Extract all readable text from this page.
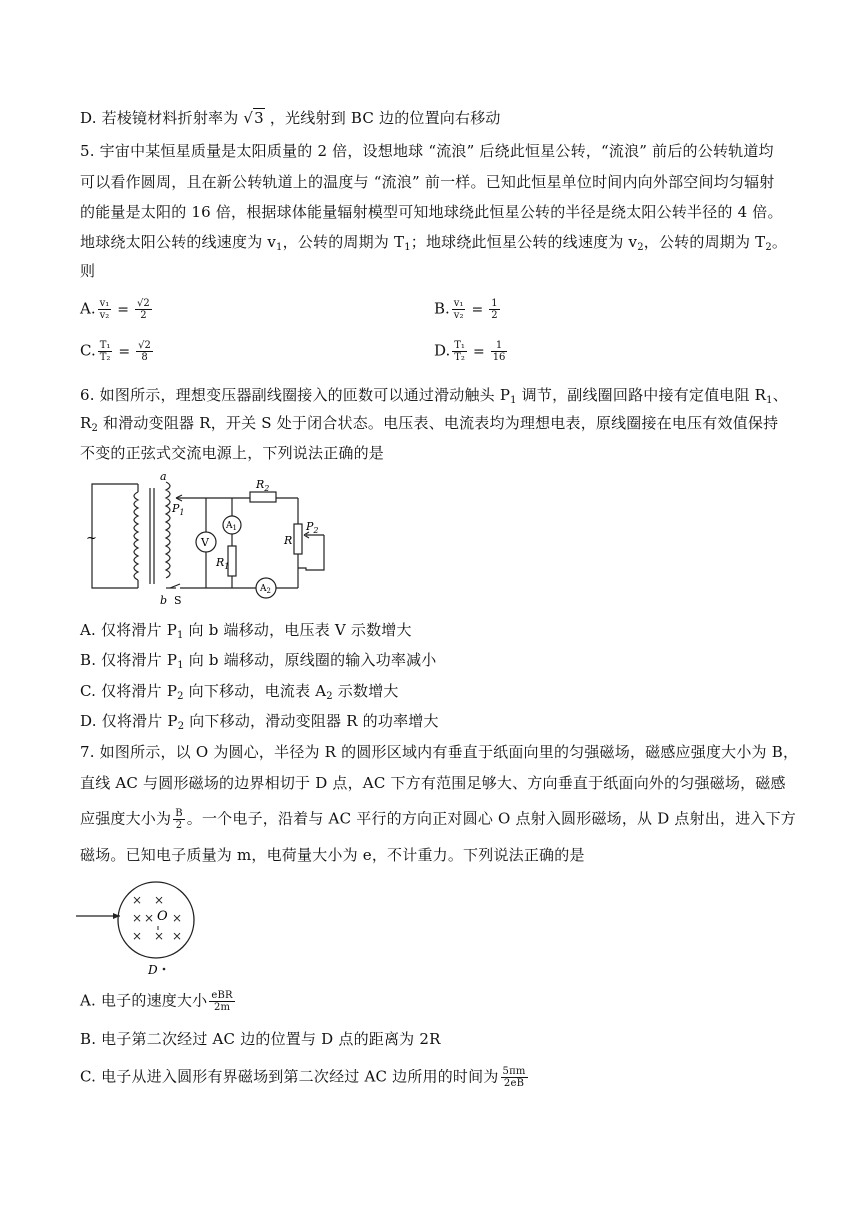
D. 若棱镜材料折射率为 √3 ，光线射到 BC 边的位置向右移动
5. 宇宙中某恒星质量是太阳质量的 2 倍，设想地球 “流浪” 后绕此恒星公转，“流浪” 前后的公转轨道均
可以看作圆周，且在新公转轨道上的温度与 “流浪” 前一样。已知此恒星单位时间内向外部空间均匀辐射
的能量是太阳的 16 倍，根据球体能量辐射模型可知地球绕此恒星公转的半径是绕太阳公转半径的 4 倍。
地球绕太阳公转的线速度为 $v_1$，公转的周期为 $T_1$；地球绕此恒星公转的线速度为 $v_2$，公转的周期为 $T_2$。
则
A. $\frac{\text{v₁}}{\text{v₂}} = \frac{√2}{2}$	B. $\frac{\text{v₁}}{\text{v₂}} = \frac{1}{2}$
C. $\frac{\text{T₁}}{\text{T₂}} = \frac{√2}{8}$	D. $\frac{\text{T₁}}{\text{T₂}} = \frac{1}{16}$
6. 如图所示，理想变压器副线圈接入的匝数可以通过滑动触头 $P_1$ 调节，副线圈回路中接有定值电阻 $R_1$、
$R_2$ 和滑动变阻器 R，开关 S 处于闭合状态。电压表、电流表均为理想电表，原线圈接在电压有效值保持
不变的正弦式交流电源上，下列说法正确的是
~
a
b
$P_1$
V
$A_1$
$A_2$
$R_1$
$R_2$
R
$P_2$
S
A. 仅将滑片 $P_1$ 向 b 端移动，电压表 V 示数增大
B. 仅将滑片 $P_1$ 向 b 端移动，原线圈的输入功率减小
C. 仅将滑片 $P_2$ 向下移动，电流表 $A_2$ 示数增大
D. 仅将滑片 $P_2$ 向下移动，滑动变阻器 R 的功率增大
7. 如图所示，以 O 为圆心，半径为 R 的圆形区域内有垂直于纸面向里的匀强磁场，磁感应强度大小为 B，
直线 AC 与圆形磁场的边界相切于 D 点，AC 下方有范围足够大、方向垂直于纸面向外的匀强磁场，磁感
应强度大小为 $\frac{B}{2}$ 。一个电子，沿着与 AC 平行的方向正对圆心 O 点射入圆形磁场，从 D 点射出，进入下方
磁场。已知电子质量为 m，电荷量大小为 e，不计重力。下列说法正确的是
× ×
× × ×
× × ×
O
D
A. 电子的速度大小 $\frac{\text{eBR}}{2m}$
B. 电子第二次经过 AC 边的位置与 D 点的距离为 2R
C. 电子从进入圆形有界磁场到第二次经过 AC 边所用的时间为 $\frac{5\pi m}{2eB}$
